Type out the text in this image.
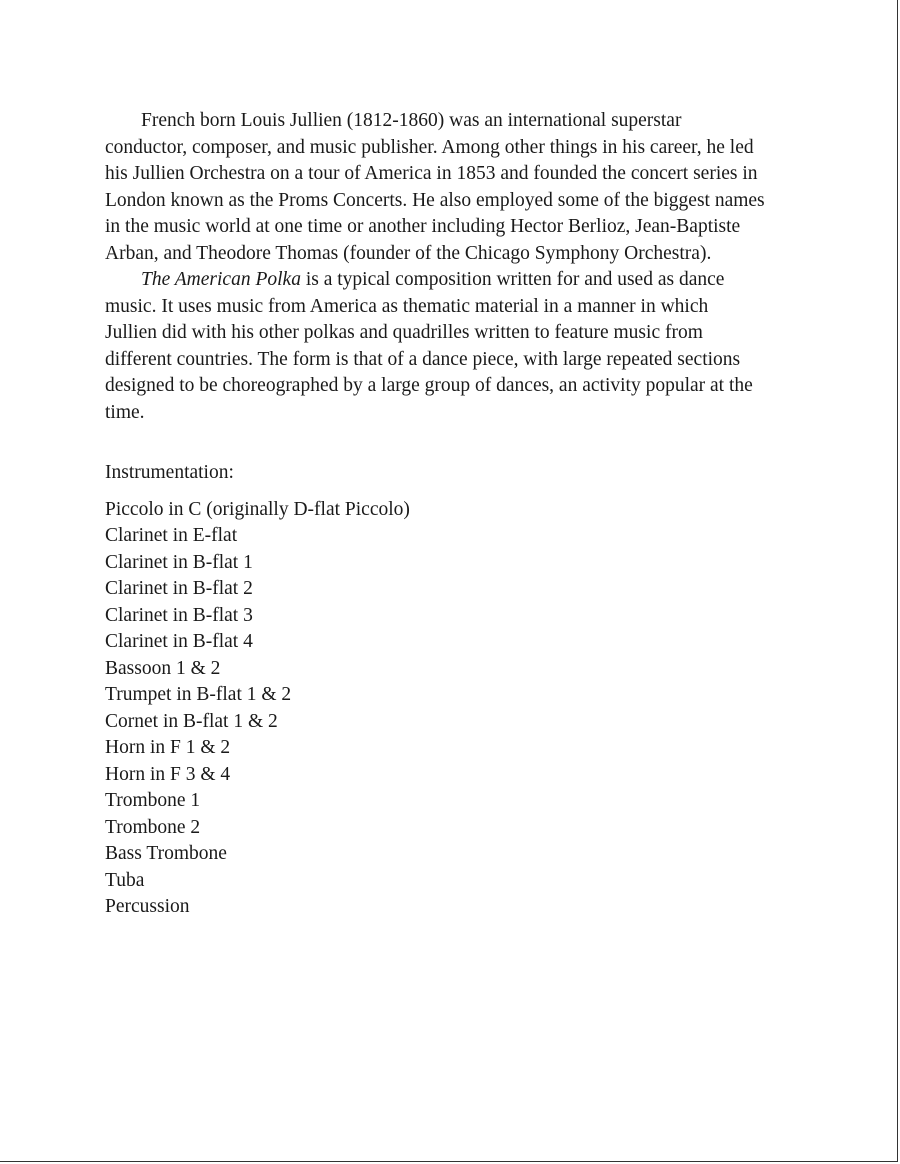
French born Louis Jullien (1812-1860) was an international superstar conductor, composer, and music publisher. Among other things in his career, he led his Jullien Orchestra on a tour of America in 1853 and founded the concert series in London known as the Proms Concerts. He also employed some of the biggest names in the music world at one time or another including Hector Berlioz, Jean-Baptiste Arban, and Theodore Thomas (founder of the Chicago Symphony Orchestra).

The American Polka is a typical composition written for and used as dance music. It uses music from America as thematic material in a manner in which Jullien did with his other polkas and quadrilles written to feature music from different countries. The form is that of a dance piece, with large repeated sections designed to be choreographed by a large group of dances, an activity popular at the time.

Instrumentation:

Piccolo in C (originally D-flat Piccolo)
Clarinet in E-flat
Clarinet in B-flat 1
Clarinet in B-flat 2
Clarinet in B-flat 3
Clarinet in B-flat 4
Bassoon 1 & 2
Trumpet in B-flat 1 & 2
Cornet in B-flat 1 & 2
Horn in F 1 & 2
Horn in F 3 & 4
Trombone 1
Trombone 2
Bass Trombone
Tuba
Percussion
